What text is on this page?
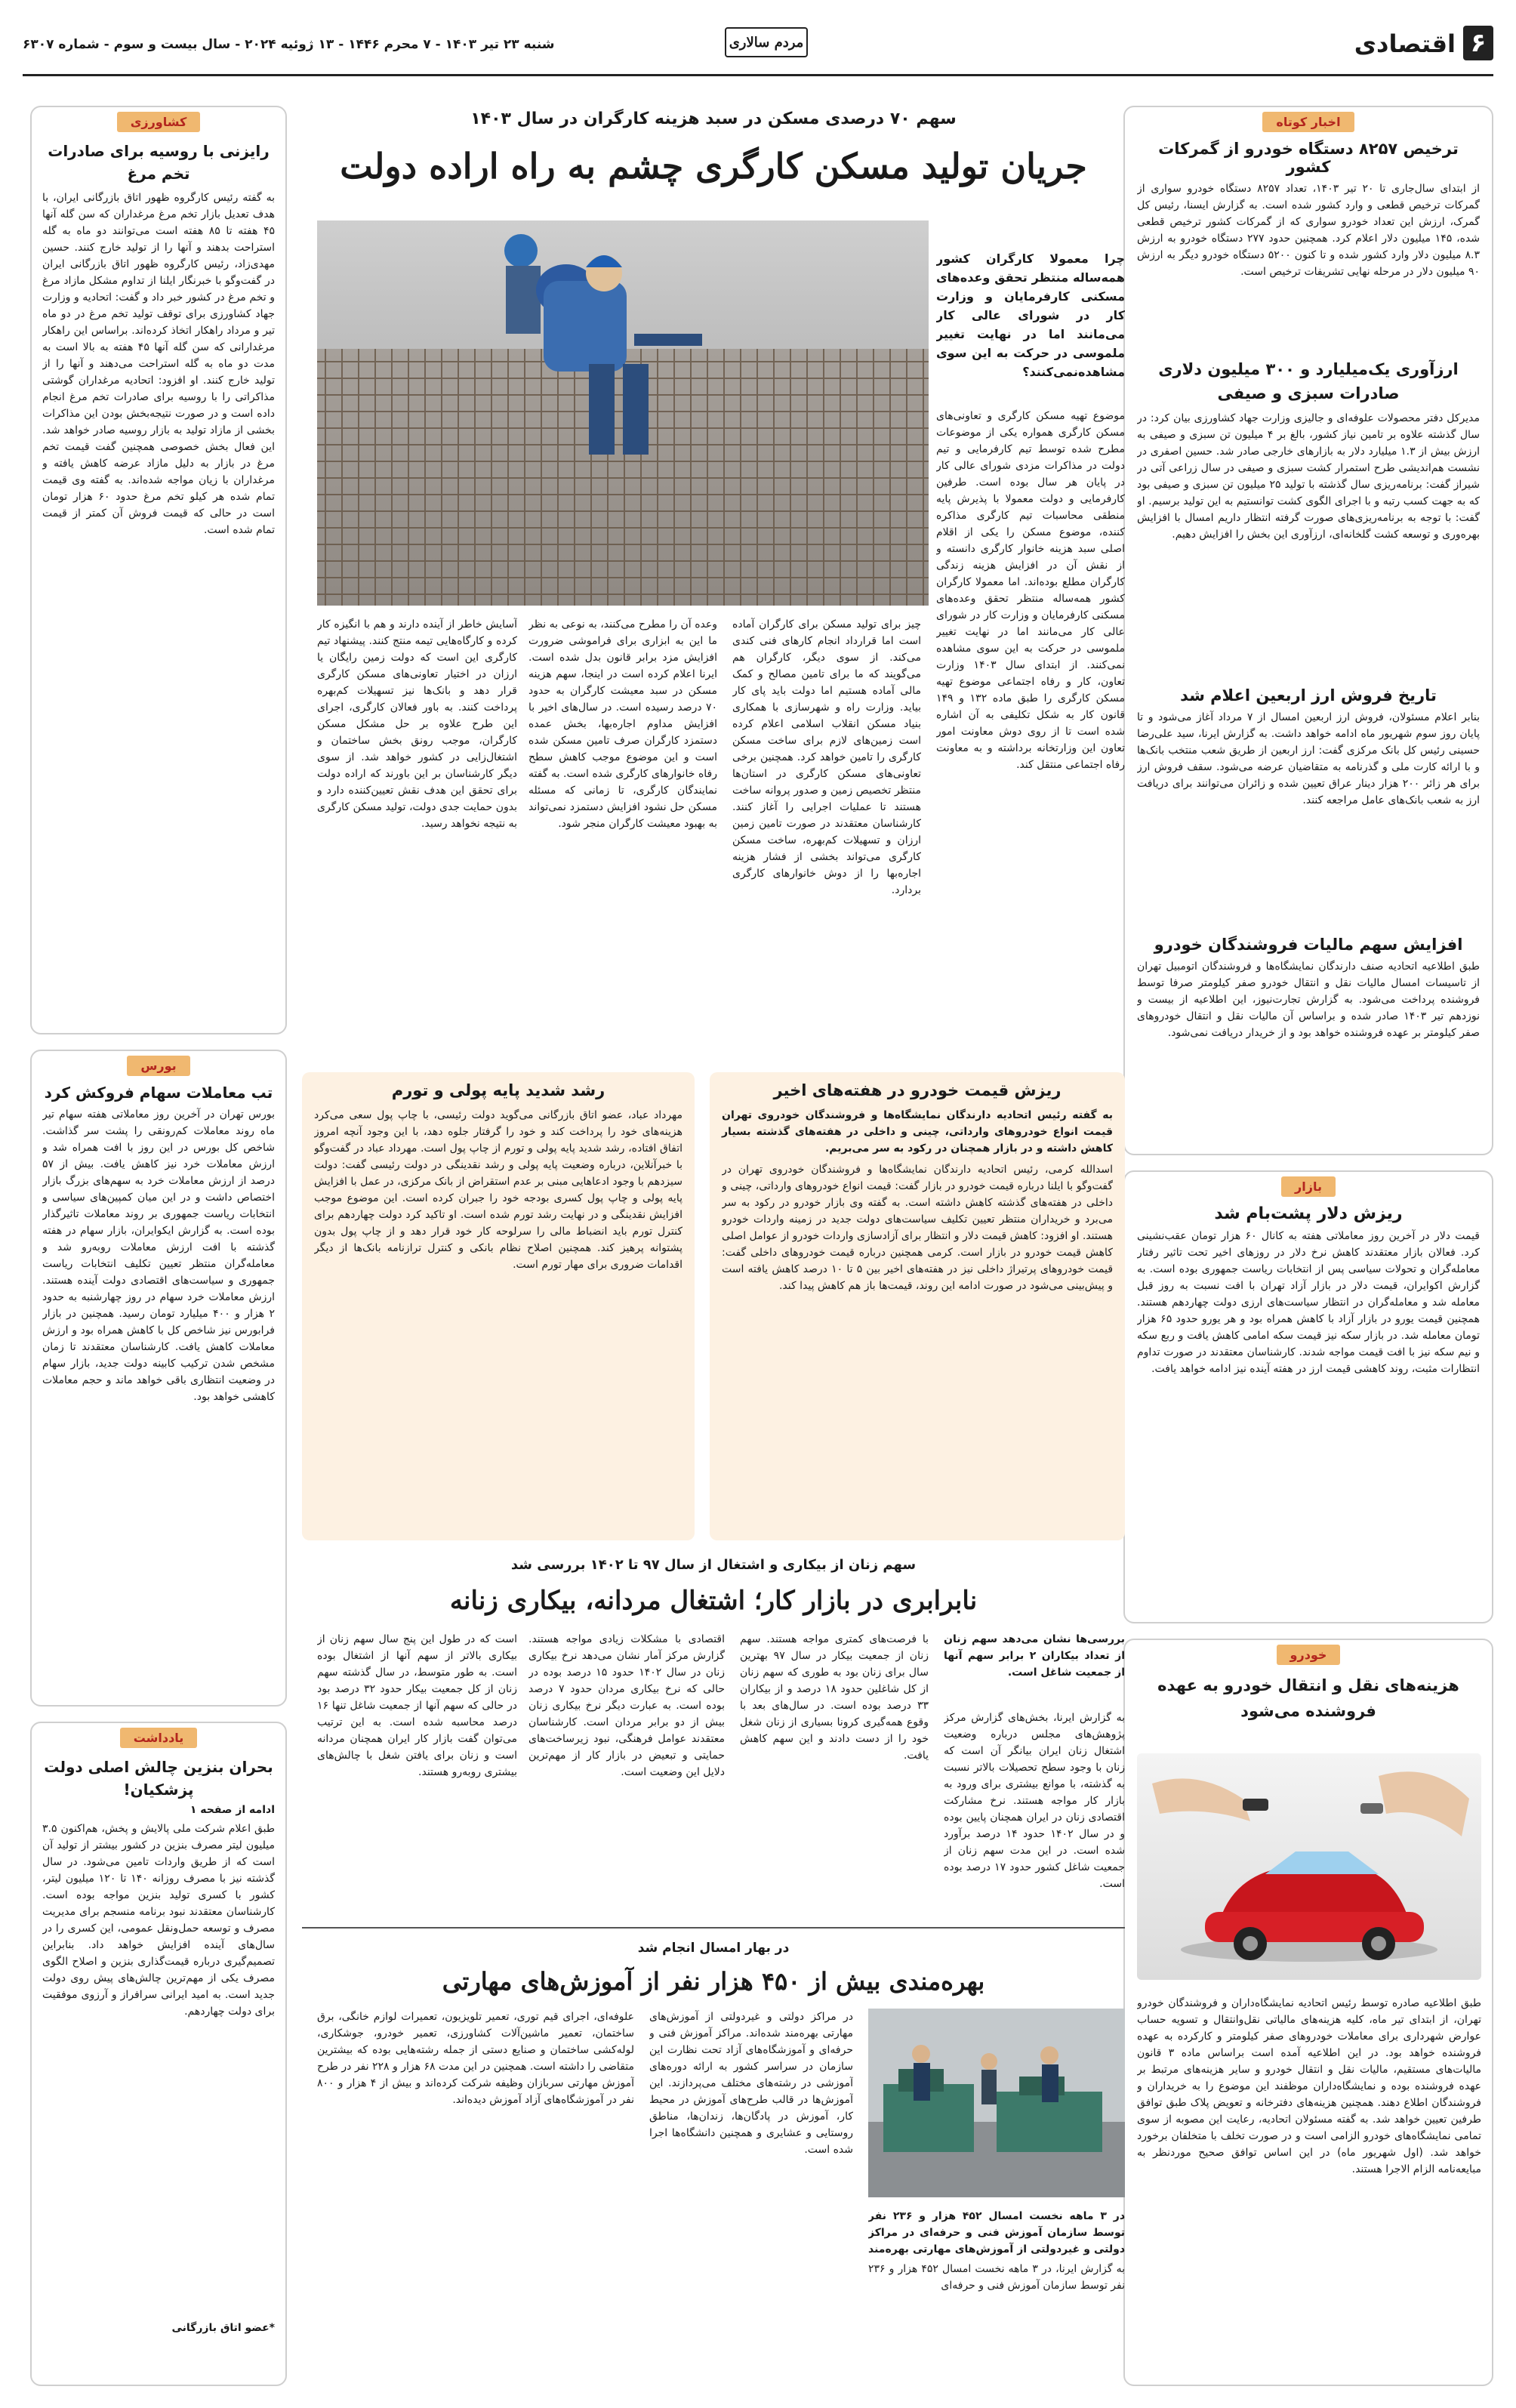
۶
اقتصادی
مردم سالاری
شنبه ۲۳ تیر ۱۴۰۳ - ۷ محرم ۱۴۴۶ - ۱۳ ژوئیه ۲۰۲۴ - سال بیست و سوم - شماره ۶۳۰۷
اخبار کوتاه
ترخیص ۸۲۵۷ دستگاه خودرو از گمرکات کشور
از ابتدای سال‌جاری تا ۲۰ تیر ۱۴۰۳، تعداد ۸۲۵۷ دستگاه خودرو سواری از گمرکات ترخیص قطعی و وارد کشور شده است. به گزارش ایسنا، رئیس کل گمرک، ارزش این تعداد خودرو سواری که از گمرکات کشور ترخیص قطعی شده، ۱۴۵ میلیون دلار اعلام کرد. همچنین حدود ۲۷۷ دستگاه خودرو به ارزش ۸.۳ میلیون دلار وارد کشور شده و تا کنون ۵۲۰۰ دستگاه خودرو دیگر به ارزش ۹۰ میلیون دلار در مرحله نهایی تشریفات ترخیص است.
ارزآوری یک‌میلیارد و ۳۰۰ میلیون دلاری صادرات سبزی و صیفی
مدیرکل دفتر محصولات علوفه‌ای و جالیزی وزارت جهاد کشاورزی بیان کرد: در سال گذشته علاوه بر تامین نیاز کشور، بالغ بر ۴ میلیون تن سبزی و صیفی به ارزش بیش از ۱.۳ میلیارد دلار به بازارهای خارجی صادر شد. حسین اصفری در نشست هم‌اندیشی طرح استمرار کشت سبزی و صیفی در سال زراعی آتی در شیراز گفت: برنامه‌ریزی سال گذشته با تولید ۲۵ میلیون تن سبزی و صیفی بود که به جهت کسب رتبه و با اجرای الگوی کشت توانستیم به این تولید برسیم. او گفت: با توجه به برنامه‌ریزی‌های صورت گرفته انتظار داریم امسال با افزایش بهره‌وری و توسعه کشت گلخانه‌ای، ارزآوری این بخش را افزایش دهیم.
تاریخ فروش ارز اربعین اعلام شد
بنابر اعلام مسئولان، فروش ارز اربعین امسال از ۷ مرداد آغاز می‌شود و تا پایان روز سوم شهریور ماه ادامه خواهد داشت. به گزارش ایرنا، سید علی‌رضا حسینی رئیس کل بانک مرکزی گفت: ارز اربعین از طریق شعب منتخب بانک‌ها و با ارائه کارت ملی و گذرنامه به متقاضیان عرضه می‌شود. سقف فروش ارز برای هر زائر ۲۰۰ هزار دینار عراق تعیین شده و زائران می‌توانند برای دریافت ارز به شعب بانک‌های عامل مراجعه کنند.
افزایش سهم مالیات فروشندگان خودرو
طبق اطلاعیه اتحادیه صنف دارندگان نمایشگاه‌ها و فروشندگان اتومبیل تهران از تاسیسات امسال مالیات نقل و انتقال خودرو صفر کیلومتر صرفا توسط فروشنده پرداخت می‌شود. به گزارش تجارت‌نیوز، این اطلاعیه از بیست و نوزدهم تیر ۱۴۰۳ صادر شده و براساس آن مالیات نقل و انتقال خودروهای صفر کیلومتر بر عهده فروشنده خواهد بود و از خریدار دریافت نمی‌شود.
بازار
ریزش دلار پشت‌بام شد
قیمت دلار در آخرین روز معاملاتی هفته به کانال ۶۰ هزار تومان عقب‌نشینی کرد. فعالان بازار معتقدند کاهش نرخ دلار در روزهای اخیر تحت تاثیر رفتار معامله‌گران و تحولات سیاسی پس از انتخابات ریاست جمهوری بوده است. به گزارش اکوایران، قیمت دلار در بازار آزاد تهران با افت نسبت به روز قبل معامله شد و معامله‌گران در انتظار سیاست‌های ارزی دولت چهاردهم هستند. همچنین قیمت یورو در بازار آزاد با کاهش همراه بود و هر یورو حدود ۶۵ هزار تومان معامله شد. در بازار سکه نیز قیمت سکه امامی کاهش یافت و ربع سکه و نیم سکه نیز با افت قیمت مواجه شدند. کارشناسان معتقدند در صورت تداوم انتظارات مثبت، روند کاهشی قیمت ارز در هفته آینده نیز ادامه خواهد یافت.
خودرو
هزینه‌های نقل و انتقال خودرو به عهده فروشنده می‌شود
طبق اطلاعیه صادره توسط رئیس اتحادیه نمایشگاه‌داران و فروشندگان خودرو تهران، از ابتدای تیر ماه، کلیه هزینه‌های مالیاتی نقل‌وانتقال و تسویه حساب عوارض شهرداری برای معاملات خودروهای صفر کیلومتر و کارکرده به عهده فروشنده خواهد بود. در این اطلاعیه آمده است براساس ماده ۳ قانون مالیات‌های مستقیم، مالیات نقل و انتقال خودرو و سایر هزینه‌های مرتبط بر عهده فروشنده بوده و نمایشگاه‌داران موظفند این موضوع را به خریداران و فروشندگان اطلاع دهند. همچنین هزینه‌های دفترخانه و تعویض پلاک طبق توافق طرفین تعیین خواهد شد. به گفته مسئولان اتحادیه، رعایت این مصوبه از سوی تمامی نمایشگاه‌های خودرو الزامی است و در صورت تخلف با متخلفان برخورد خواهد شد. (اول شهریور ماه) در این اساس توافق صحیح موردنظر به مبایعه‌نامه الزام الاجرا هستند.
کشاورزی
رایزنی با روسیه برای صادرات تخم مرغ
به گفته رئیس کارگروه ظهور اتاق بازرگانی ایران، با هدف تعدیل بازار تخم مرغ مرغداران که سن گله آنها ۴۵ هفته تا ۸۵ هفته است می‌توانند دو ماه به گله استراحت بدهند و آنها را از تولید خارج کنند. حسین مهدی‌زاد، رئیس کارگروه ظهور اتاق بازرگانی ایران در گفت‌وگو با خبرنگار ایلنا از تداوم مشکل مازاد مرغ و تخم مرغ در کشور خبر داد و گفت: اتحادیه و وزارت جهاد کشاورزی برای توقف تولید تخم مرغ در دو ماه تیر و مرداد راهکار اتخاذ کرده‌اند. براساس این راهکار مرغدارانی که سن گله آنها ۴۵ هفته به بالا است به مدت دو ماه به گله استراحت می‌دهند و آنها را از تولید خارج کنند. او افزود: اتحادیه مرغداران گوشتی مذاکراتی را با روسیه برای صادرات تخم مرغ انجام داده است و در صورت نتیجه‌بخش بودن این مذاکرات بخشی از مازاد تولید به بازار روسیه صادر خواهد شد. این فعال بخش خصوصی همچنین گفت قیمت تخم مرغ در بازار به دلیل مازاد عرضه کاهش یافته و مرغداران با زیان مواجه شده‌اند. به گفته وی قیمت تمام شده هر کیلو تخم مرغ حدود ۶۰ هزار تومان است در حالی که قیمت فروش آن کمتر از قیمت تمام شده است.
بورس
تب معاملات سهام فروکش کرد
بورس تهران در آخرین روز معاملاتی هفته سهام تیر ماه روند معاملات کم‌رونقی را پشت سر گذاشت. شاخص کل بورس در این روز با افت همراه شد و ارزش معاملات خرد نیز کاهش یافت. بیش از ۵۷ درصد از ارزش معاملات خرد به سهم‌های بزرگ بازار اختصاص داشت و در این میان کمپین‌های سیاسی و انتخابات ریاست جمهوری بر روند معاملات تاثیرگذار بوده است. به گزارش ایکوایران، بازار سهام در هفته گذشته با افت ارزش معاملات روبه‌رو شد و معامله‌گران منتظر تعیین تکلیف انتخابات ریاست جمهوری و سیاست‌های اقتصادی دولت آینده هستند. ارزش معاملات خرد سهام در روز چهارشنبه به حدود ۲ هزار و ۴۰۰ میلیارد تومان رسید. همچنین در بازار فرابورس نیز شاخص کل با کاهش همراه بود و ارزش معاملات کاهش یافت. کارشناسان معتقدند تا زمان مشخص شدن ترکیب کابینه دولت جدید، بازار سهام در وضعیت انتظاری باقی خواهد ماند و حجم معاملات کاهشی خواهد بود.
یادداشت
بحران بنزین چالش اصلی دولت پزشکیان!
ادامه از صفحه ۱
طبق اعلام شرکت ملی پالایش و پخش، هم‌اکنون ۳.۵ میلیون لیتر مصرف بنزین در کشور بیشتر از تولید آن است که از طریق واردات تامین می‌شود. در سال گذشته نیز با مصرف روزانه ۱۴۰ تا ۱۲۰ میلیون لیتر، کشور با کسری تولید بنزین مواجه بوده است. کارشناسان معتقدند نبود برنامه منسجم برای مدیریت مصرف و توسعه حمل‌ونقل عمومی، این کسری را در سال‌های آینده افزایش خواهد داد. بنابراین تصمیم‌گیری درباره قیمت‌گذاری بنزین و اصلاح الگوی مصرف یکی از مهم‌ترین چالش‌های پیش روی دولت جدید است. به امید ایرانی سرافراز و آرزوی موفقیت برای دولت چهاردهم.
*عضو اتاق بازرگانی
سهم ۷۰ درصدی مسکن در سبد هزینه کارگران در سال ۱۴۰۳
جریان تولید مسکن کارگری چشم به راه اراده دولت
چرا معمولا کارگران کشور همه‌ساله منتظر تحقق وعده‌های مسکنی کارفرمایان و وزارت کار در شورای عالی کار می‌مانند اما در نهایت تغییر ملموسی در حرکت به این سوی مشاهده‌نمی‌کنند؟
موضوع تهیه مسکن کارگری و تعاونی‌های مسکن کارگری همواره یکی از موضوعات مطرح شده توسط تیم کارفرمایی و تیم دولت در مذاکرات مزدی شورای عالی کار در پایان هر سال بوده است. طرفین کارفرمایی و دولت معمولا با پذیرش پایه منطقی محاسبات تیم کارگری مذاکره کننده، موضوع مسکن را یکی از اقلام اصلی سبد هزینه خانوار کارگری دانسته و از نقش آن در افزایش هزینه زندگی کارگران مطلع بوده‌اند. اما معمولا کارگران کشور همه‌ساله منتظر تحقق وعده‌های مسکنی کارفرمایان و وزارت کار در شورای عالی کار می‌مانند اما در نهایت تغییر ملموسی در حرکت به این سوی مشاهده نمی‌کنند. از ابتدای سال ۱۴۰۳ وزارت تعاون، کار و رفاه اجتماعی موضوع تهیه مسکن کارگری را طبق ماده ۱۳۲ و ۱۴۹ قانون کار به شکل تکلیفی به آن اشاره شده است تا از روی دوش معاونت امور تعاون این وزارتخانه برداشته و به معاونت رفاه اجتماعی منتقل کند.
چیز برای تولید مسکن برای کارگران آماده است اما قرارداد انجام کارهای فنی کندی می‌کند. از سوی دیگر، کارگران هم می‌گویند که ما برای تامین مصالح و کمک مالی آماده هستیم اما دولت باید پای کار بیاید. وزارت راه و شهرسازی با همکاری بنیاد مسکن انقلاب اسلامی اعلام کرده است زمین‌های لازم برای ساخت مسکن کارگری را تامین خواهد کرد. همچنین برخی تعاونی‌های مسکن کارگری در استان‌ها منتظر تخصیص زمین و صدور پروانه ساخت هستند تا عملیات اجرایی را آغاز کنند. کارشناسان معتقدند در صورت تامین زمین ارزان و تسهیلات کم‌بهره، ساخت مسکن کارگری می‌تواند بخشی از فشار هزینه اجاره‌بها را از دوش خانوارهای کارگری بردارد.
وعده آن را مطرح می‌کنند، به نوعی به نظر ما این به ابزاری برای فراموشی ضرورت افزایش مزد برابر قانون بدل شده است. ایرنا اعلام کرده است در اینجا، سهم هزینه مسکن در سبد معیشت کارگران به حدود ۷۰ درصد رسیده است. در سال‌های اخیر با افزایش مداوم اجاره‌بها، بخش عمده دستمزد کارگران صرف تامین مسکن شده است و این موضوع موجب کاهش سطح رفاه خانوارهای کارگری شده است. به گفته نمایندگان کارگری، تا زمانی که مسئله مسکن حل نشود افزایش دستمزد نمی‌تواند به بهبود معیشت کارگران منجر شود.
آسایش خاطر از آینده دارند و هم با انگیزه کار کرده و کارگاه‌هایی تیمه منتج کنند. پیشنهاد تیم کارگری این است که دولت زمین رایگان یا ارزان در اختیار تعاونی‌های مسکن کارگری قرار دهد و بانک‌ها نیز تسهیلات کم‌بهره پرداخت کنند. به باور فعالان کارگری، اجرای این طرح علاوه بر حل مشکل مسکن کارگران، موجب رونق بخش ساختمان و اشتغال‌زایی در کشور خواهد شد. از سوی دیگر کارشناسان بر این باورند که اراده دولت برای تحقق این هدف نقش تعیین‌کننده دارد و بدون حمایت جدی دولت، تولید مسکن کارگری به نتیجه نخواهد رسید.
رشد شدید پایه پولی و تورم
مهرداد عباد، عضو اتاق بازرگانی می‌گوید دولت رئیسی، با چاپ پول سعی می‌کرد هزینه‌های خود را پرداخت کند و خود را گرفتار جلوه دهد، با این وجود آنچه امروز اتفاق افتاده، رشد شدید پایه پولی و تورم از چاپ پول است. مهرداد عباد در گفت‌وگو با خبرآنلاین، درباره وضعیت پایه پولی و رشد نقدینگی در دولت رئیسی گفت: دولت سیزدهم با وجود ادعاهایی مبنی بر عدم استقراض از بانک مرکزی، در عمل با افزایش پایه پولی و چاپ پول کسری بودجه خود را جبران کرده است. این موضوع موجب افزایش نقدینگی و در نهایت رشد تورم شده است. او تاکید کرد دولت چهاردهم برای کنترل تورم باید انضباط مالی را سرلوحه کار خود قرار دهد و از چاپ پول بدون پشتوانه پرهیز کند. همچنین اصلاح نظام بانکی و کنترل ترازنامه بانک‌ها از دیگر اقدامات ضروری برای مهار تورم است.
ریزش قیمت خودرو در هفته‌های اخیر
به گفته رئیس اتحادیه دارندگان نمایشگاه‌ها و فروشندگان خودروی تهران قیمت انواع خودروهای وارداتی، چینی و داخلی در هفته‌های گذشته بسیار کاهش داشته و در بازار همچنان در رکود به سر می‌بریم.
اسدالله کرمی، رئیس اتحادیه دارندگان نمایشگاه‌ها و فروشندگان خودروی تهران در گفت‌وگو با ایلنا درباره قیمت خودرو در بازار گفت: قیمت انواع خودروهای وارداتی، چینی و داخلی در هفته‌های گذشته کاهش داشته است. به گفته وی بازار خودرو در رکود به سر می‌برد و خریداران منتظر تعیین تکلیف سیاست‌های دولت جدید در زمینه واردات خودرو هستند. او افزود: کاهش قیمت دلار و انتظار برای آزادسازی واردات خودرو از عوامل اصلی کاهش قیمت خودرو در بازار است. کرمی همچنین درباره قیمت خودروهای داخلی گفت: قیمت خودروهای پرتیراژ داخلی نیز در هفته‌های اخیر بین ۵ تا ۱۰ درصد کاهش یافته است و پیش‌بینی می‌شود در صورت ادامه این روند، قیمت‌ها باز هم کاهش پیدا کند.
سهم زنان از بیکاری و اشتغال از سال ۹۷ تا ۱۴۰۲ بررسی شد
نابرابری در بازار کار؛ اشتغال مردانه، بیکاری زنانه
بررسی‌ها نشان می‌دهد سهم زنان از تعداد بیکاران ۲ برابر سهم آنها از جمعیت شاغل است.
به گزارش ایرنا، بخش‌های گزارش مرکز پژوهش‌های مجلس درباره وضعیت اشتغال زنان ایران بیانگر آن است که زنان با وجود سطح تحصیلات بالاتر نسبت به گذشته، با موانع بیشتری برای ورود به بازار کار مواجه هستند. نرخ مشارکت اقتصادی زنان در ایران همچنان پایین بوده و در سال ۱۴۰۲ حدود ۱۴ درصد برآورد شده است. در این مدت سهم زنان از جمعیت شاغل کشور حدود ۱۷ درصد بوده است.
با فرصت‌های کمتری مواجه هستند. سهم زنان از جمعیت بیکار در سال ۹۷ بهترین سال برای زنان بود به طوری که سهم زنان از کل شاغلین حدود ۱۸ درصد و از بیکاران ۳۳ درصد بوده است. در سال‌های بعد با وقوع همه‌گیری کرونا بسیاری از زنان شغل خود را از دست دادند و این سهم کاهش یافت.
اقتصادی با مشکلات زیادی مواجه هستند. گزارش مرکز آمار نشان می‌دهد نرخ بیکاری زنان در سال ۱۴۰۲ حدود ۱۵ درصد بوده در حالی که نرخ بیکاری مردان حدود ۷ درصد بوده است. به عبارت دیگر نرخ بیکاری زنان بیش از دو برابر مردان است. کارشناسان معتقدند عوامل فرهنگی، نبود زیرساخت‌های حمایتی و تبعیض در بازار کار از مهم‌ترین دلایل این وضعیت است.
است که در طول این پنج سال سهم زنان از بیکاری بالاتر از سهم آنها از اشتغال بوده است. به طور متوسط، در سال گذشته سهم زنان از کل جمعیت بیکار حدود ۳۲ درصد بود در حالی که سهم آنها از جمعیت شاغل تنها ۱۶ درصد محاسبه شده است. به این ترتیب می‌توان گفت بازار کار ایران همچنان مردانه است و زنان برای یافتن شغل با چالش‌های بیشتری روبه‌رو هستند.
در بهار امسال انجام شد
بهره‌مندی بیش از ۴۵۰ هزار نفر از آموزش‌های مهارتی
در ۳ ماهه نخست امسال ۴۵۲ هزار و ۲۳۶ نفر توسط سازمان آموزش فنی و حرفه‌ای در مراکز دولتی و غیردولتی از آموزش‌های مهارتی بهره‌مند
به گزارش ایرنا، در ۳ ماهه نخست امسال ۴۵۲ هزار و ۲۳۶ نفر توسط سازمان آموزش فنی و حرفه‌ای
در مراکز دولتی و غیردولتی از آموزش‌های مهارتی بهره‌مند شده‌اند. مراکز آموزش فنی و حرفه‌ای و آموزشگاه‌های آزاد تحت نظارت این سازمان در سراسر کشور به ارائه دوره‌های آموزشی در رشته‌های مختلف می‌پردازند. این آموزش‌ها در قالب طرح‌های آموزش در محیط کار، آموزش در پادگان‌ها، زندان‌ها، مناطق روستایی و عشایری و همچنین دانشگاه‌ها اجرا شده است.
علوفه‌ای، اجرای قیم توری، تعمیر تلویزیون، تعمیرات لوازم خانگی، برق ساختمان، تعمیر ماشین‌آلات کشاورزی، تعمیر خودرو، جوشکاری، لوله‌کشی ساختمان و صنایع دستی از جمله رشته‌هایی بوده که بیشترین متقاضی را داشته است. همچنین در این مدت ۶۸ هزار و ۲۲۸ نفر در طرح آموزش مهارتی سربازان وظیفه شرکت کرده‌اند و بیش از ۴ هزار و ۸۰۰ نفر در آموزشگاه‌های آزاد آموزش دیده‌اند.
